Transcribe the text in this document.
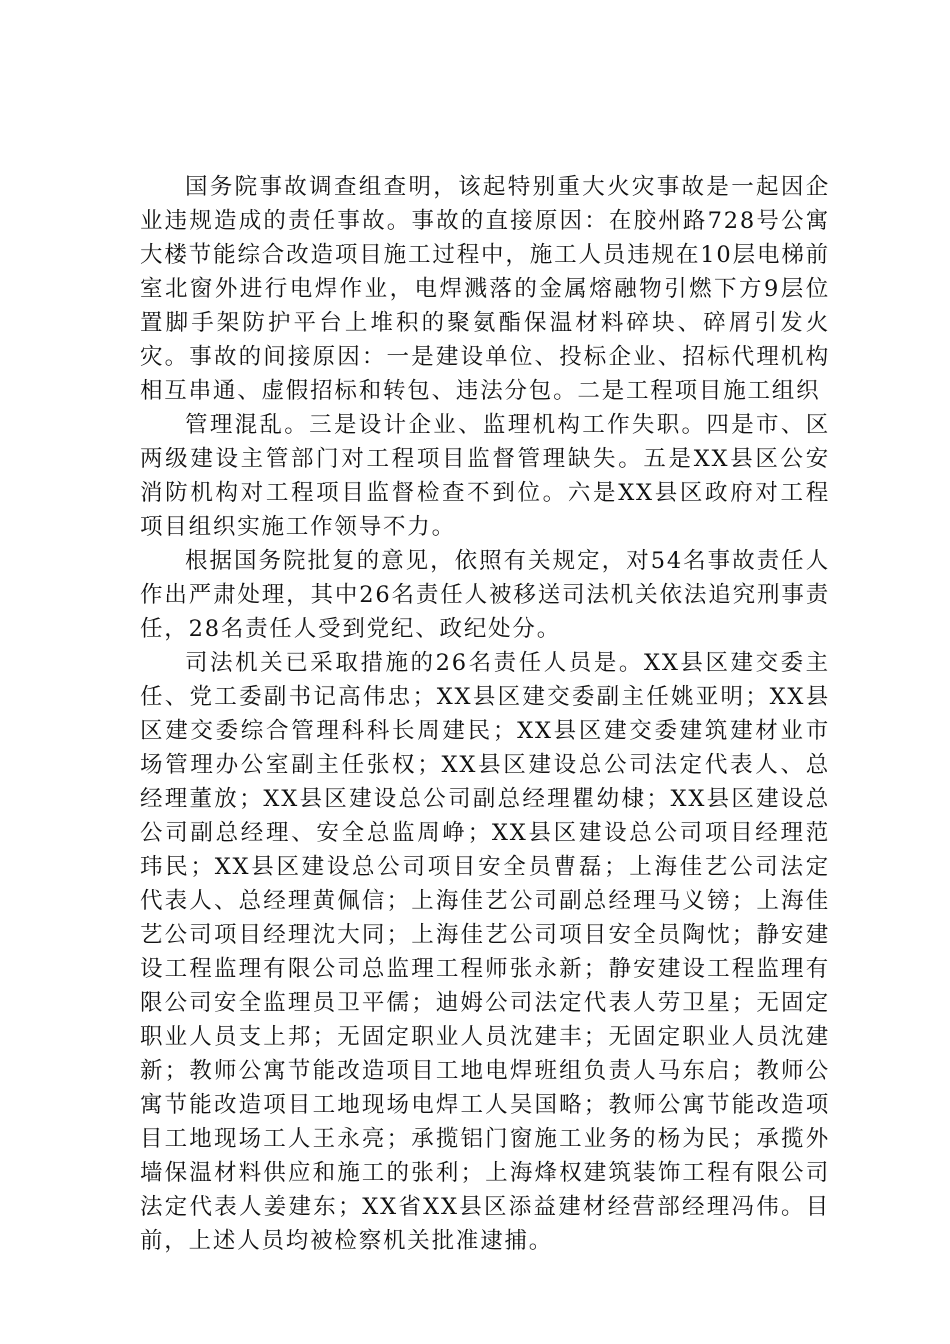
国务院事故调查组查明，该起特别重大火灾事故是一起因企业违规造成的责任事故。事故的直接原因：在胶州路728号公寓大楼节能综合改造项目施工过程中，施工人员违规在10层电梯前室北窗外进行电焊作业，电焊溅落的金属熔融物引燃下方9层位置脚手架防护平台上堆积的聚氨酯保温材料碎块、碎屑引发火灾。事故的间接原因：一是建设单位、投标企业、招标代理机构相互串通、虚假招标和转包、违法分包。二是工程项目施工组织

管理混乱。三是设计企业、监理机构工作失职。四是市、区两级建设主管部门对工程项目监督管理缺失。五是XX县区公安消防机构对工程项目监督检查不到位。六是XX县区政府对工程项目组织实施工作领导不力。

根据国务院批复的意见，依照有关规定，对54名事故责任人作出严肃处理，其中26名责任人被移送司法机关依法追究刑事责任，28名责任人受到党纪、政纪处分。

司法机关已采取措施的26名责任人员是。XX县区建交委主任、党工委副书记高伟忠；XX县区建交委副主任姚亚明；XX县区建交委综合管理科科长周建民；XX县区建交委建筑建材业市场管理办公室副主任张权；XX县区建设总公司法定代表人、总经理董放；XX县区建设总公司副总经理瞿幼棣；XX县区建设总公司副总经理、安全总监周峥；XX县区建设总公司项目经理范玮民；XX县区建设总公司项目安全员曹磊；上海佳艺公司法定代表人、总经理黄佩信；上海佳艺公司副总经理马义镑；上海佳艺公司项目经理沈大同；上海佳艺公司项目安全员陶忱；静安建设工程监理有限公司总监理工程师张永新；静安建设工程监理有限公司安全监理员卫平儒；迪姆公司法定代表人劳卫星；无固定职业人员支上邦；无固定职业人员沈建丰；无固定职业人员沈建新；教师公寓节能改造项目工地电焊班组负责人马东启；教师公寓节能改造项目工地现场电焊工人吴国略；教师公寓节能改造项目工地现场工人王永亮；承揽铝门窗施工业务的杨为民；承揽外墙保温材料供应和施工的张利；上海烽权建筑装饰工程有限公司法定代表人姜建东；XX省XX县区添益建材经营部经理冯伟。目前，上述人员均被检察机关批准逮捕。
